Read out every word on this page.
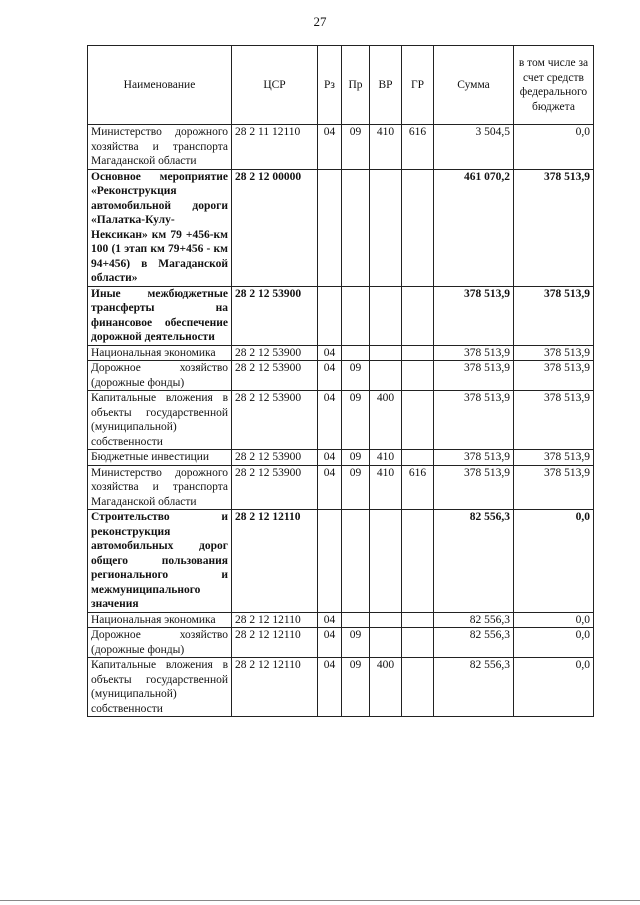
27
Наименование	ЦСР	Рз	Пр	ВР	ГР	Сумма	в том числе за счет средств федерального бюджета
Министерство дорожного хозяйства и транспорта Магаданской области	28 2 11 12110	04	09	410	616	3 504,5	0,0
Основное мероприятие «Реконструкция автомобильной дороги «Палатка-Кулу-Нексикан» км 79 +456-км 100 (1 этап км 79+456 - км 94+456) в Магаданской области»	28 2 12 00000					461 070,2	378 513,9
Иные межбюджетные трансферты на финансовое обеспечение дорожной деятельности	28 2 12 53900					378 513,9	378 513,9
Национальная экономика	28 2 12 53900	04				378 513,9	378 513,9
Дорожное хозяйство (дорожные фонды)	28 2 12 53900	04	09			378 513,9	378 513,9
Капитальные вложения в объекты государственной (муниципальной) собственности	28 2 12 53900	04	09	400		378 513,9	378 513,9
Бюджетные инвестиции	28 2 12 53900	04	09	410		378 513,9	378 513,9
Министерство дорожного хозяйства и транспорта Магаданской области	28 2 12 53900	04	09	410	616	378 513,9	378 513,9
Строительство и реконструкция автомобильных дорог общего пользования регионального и межмуниципального значения	28 2 12 12110					82 556,3	0,0
Национальная экономика	28 2 12 12110	04				82 556,3	0,0
Дорожное хозяйство (дорожные фонды)	28 2 12 12110	04	09			82 556,3	0,0
Капитальные вложения в объекты государственной (муниципальной) собственности	28 2 12 12110	04	09	400		82 556,3	0,0
